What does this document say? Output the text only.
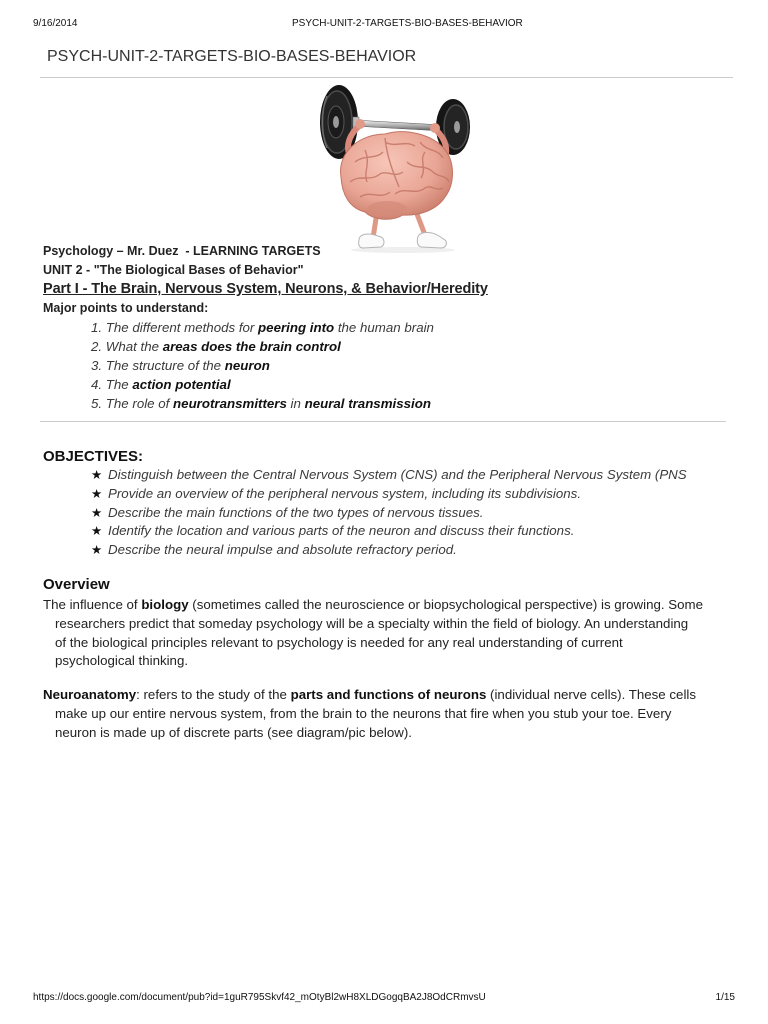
9/16/2014	PSYCH-UNIT-2-TARGETS-BIO-BASES-BEHAVIOR
PSYCH-UNIT-2-TARGETS-BIO-BASES-BEHAVIOR
Psychology – Mr. Duez  - LEARNING TARGETS
UNIT 2 - "The Biological Bases of Behavior"
Part I - The Brain, Nervous System, Neurons, & Behavior/Heredity
Major points to understand:
1. The different methods for peering into the human brain
2. What the areas does the brain control
3. The structure of the neuron
4. The action potential
5. The role of neurotransmitters in neural transmission
OBJECTIVES:
★ Distinguish between the Central Nervous System (CNS) and the Peripheral Nervous System (PNS
★ Provide an overview of the peripheral nervous system, including its subdivisions.
★ Describe the main functions of the two types of nervous tissues.
★ Identify the location and various parts of the neuron and discuss their functions.
★ Describe the neural impulse and absolute refractory period.
Overview
The influence of biology (sometimes called the neuroscience or biopsychological perspective) is growing. Some
researchers predict that someday psychology will be a specialty within the field of biology. An understanding
of the biological principles relevant to psychology is needed for any real understanding of current
psychological thinking.
Neuroanatomy: refers to the study of the parts and functions of neurons (individual nerve cells). These cells
make up our entire nervous system, from the brain to the neurons that fire when you stub your toe. Every
neuron is made up of discrete parts (see diagram/pic below).
https://docs.google.com/document/pub?id=1guR795Skvf42_mOtyBl2wH8XLDGogqBA2J8OdCRmvsU	1/15
